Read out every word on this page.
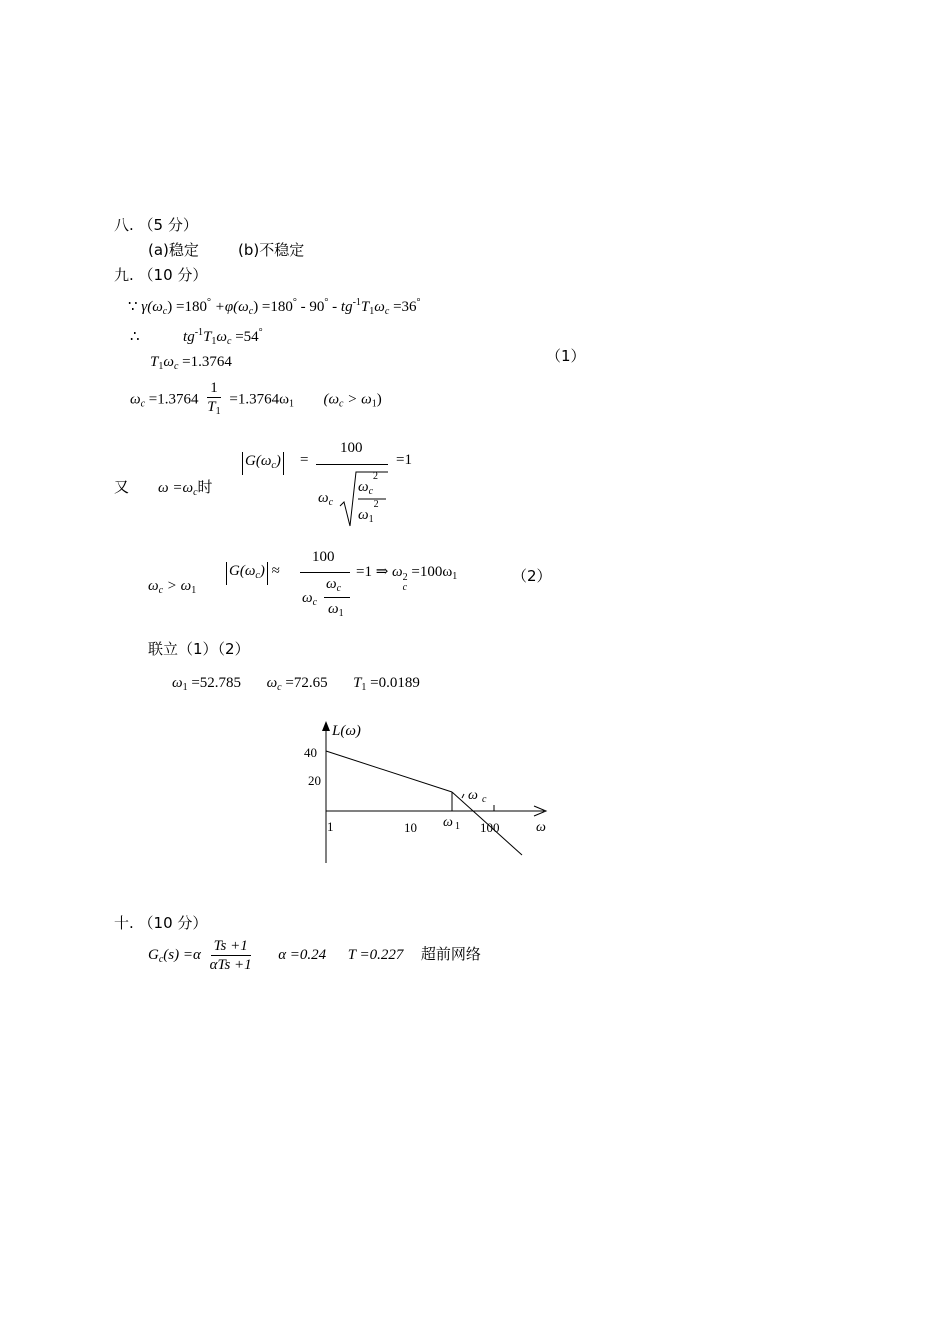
八. （5 分）
(a)稳定	(b)不稳定
九. （10 分）
∵ $\gamma(\omega_c) =180^\circ +\varphi(\omega_c) =180^\circ - 90^\circ - tg^{-1}T_1\omega_c =36^\circ$
∴	$tg^{-1}T_1\omega_c =54^\circ$
$T_1\omega_c =1.3764$	（1）
$\omega_c =1.3764 \frac{1}{T_1} =1.3764\omega_1$ $(\omega_c > \omega_1)$
又 $\omega =\omega_c$时
$G(\omega_c)$ =
100
=1
$\omega_c$
$\omega_c^2$
$\omega_1^2$
$\omega_c > \omega_1$
$G(\omega_c)$ ≈
100
$\omega_c$
$\omega_c$
$\omega_1$
=1 ⇒ ω 2
c
$=100\omega_1$	（2）
联立（1）（2）
$\omega_1 =52.785$ $\omega_c =72.65$ $T_1 =0.0189$
L(ω)
40
20
1	10	100	ω
ω 1
ω c
十. （10 分）
$G_c(s) =\alpha \frac{Ts +1}{\text{αTs +1}}$ α =0.24 T =0.227 超前网络
